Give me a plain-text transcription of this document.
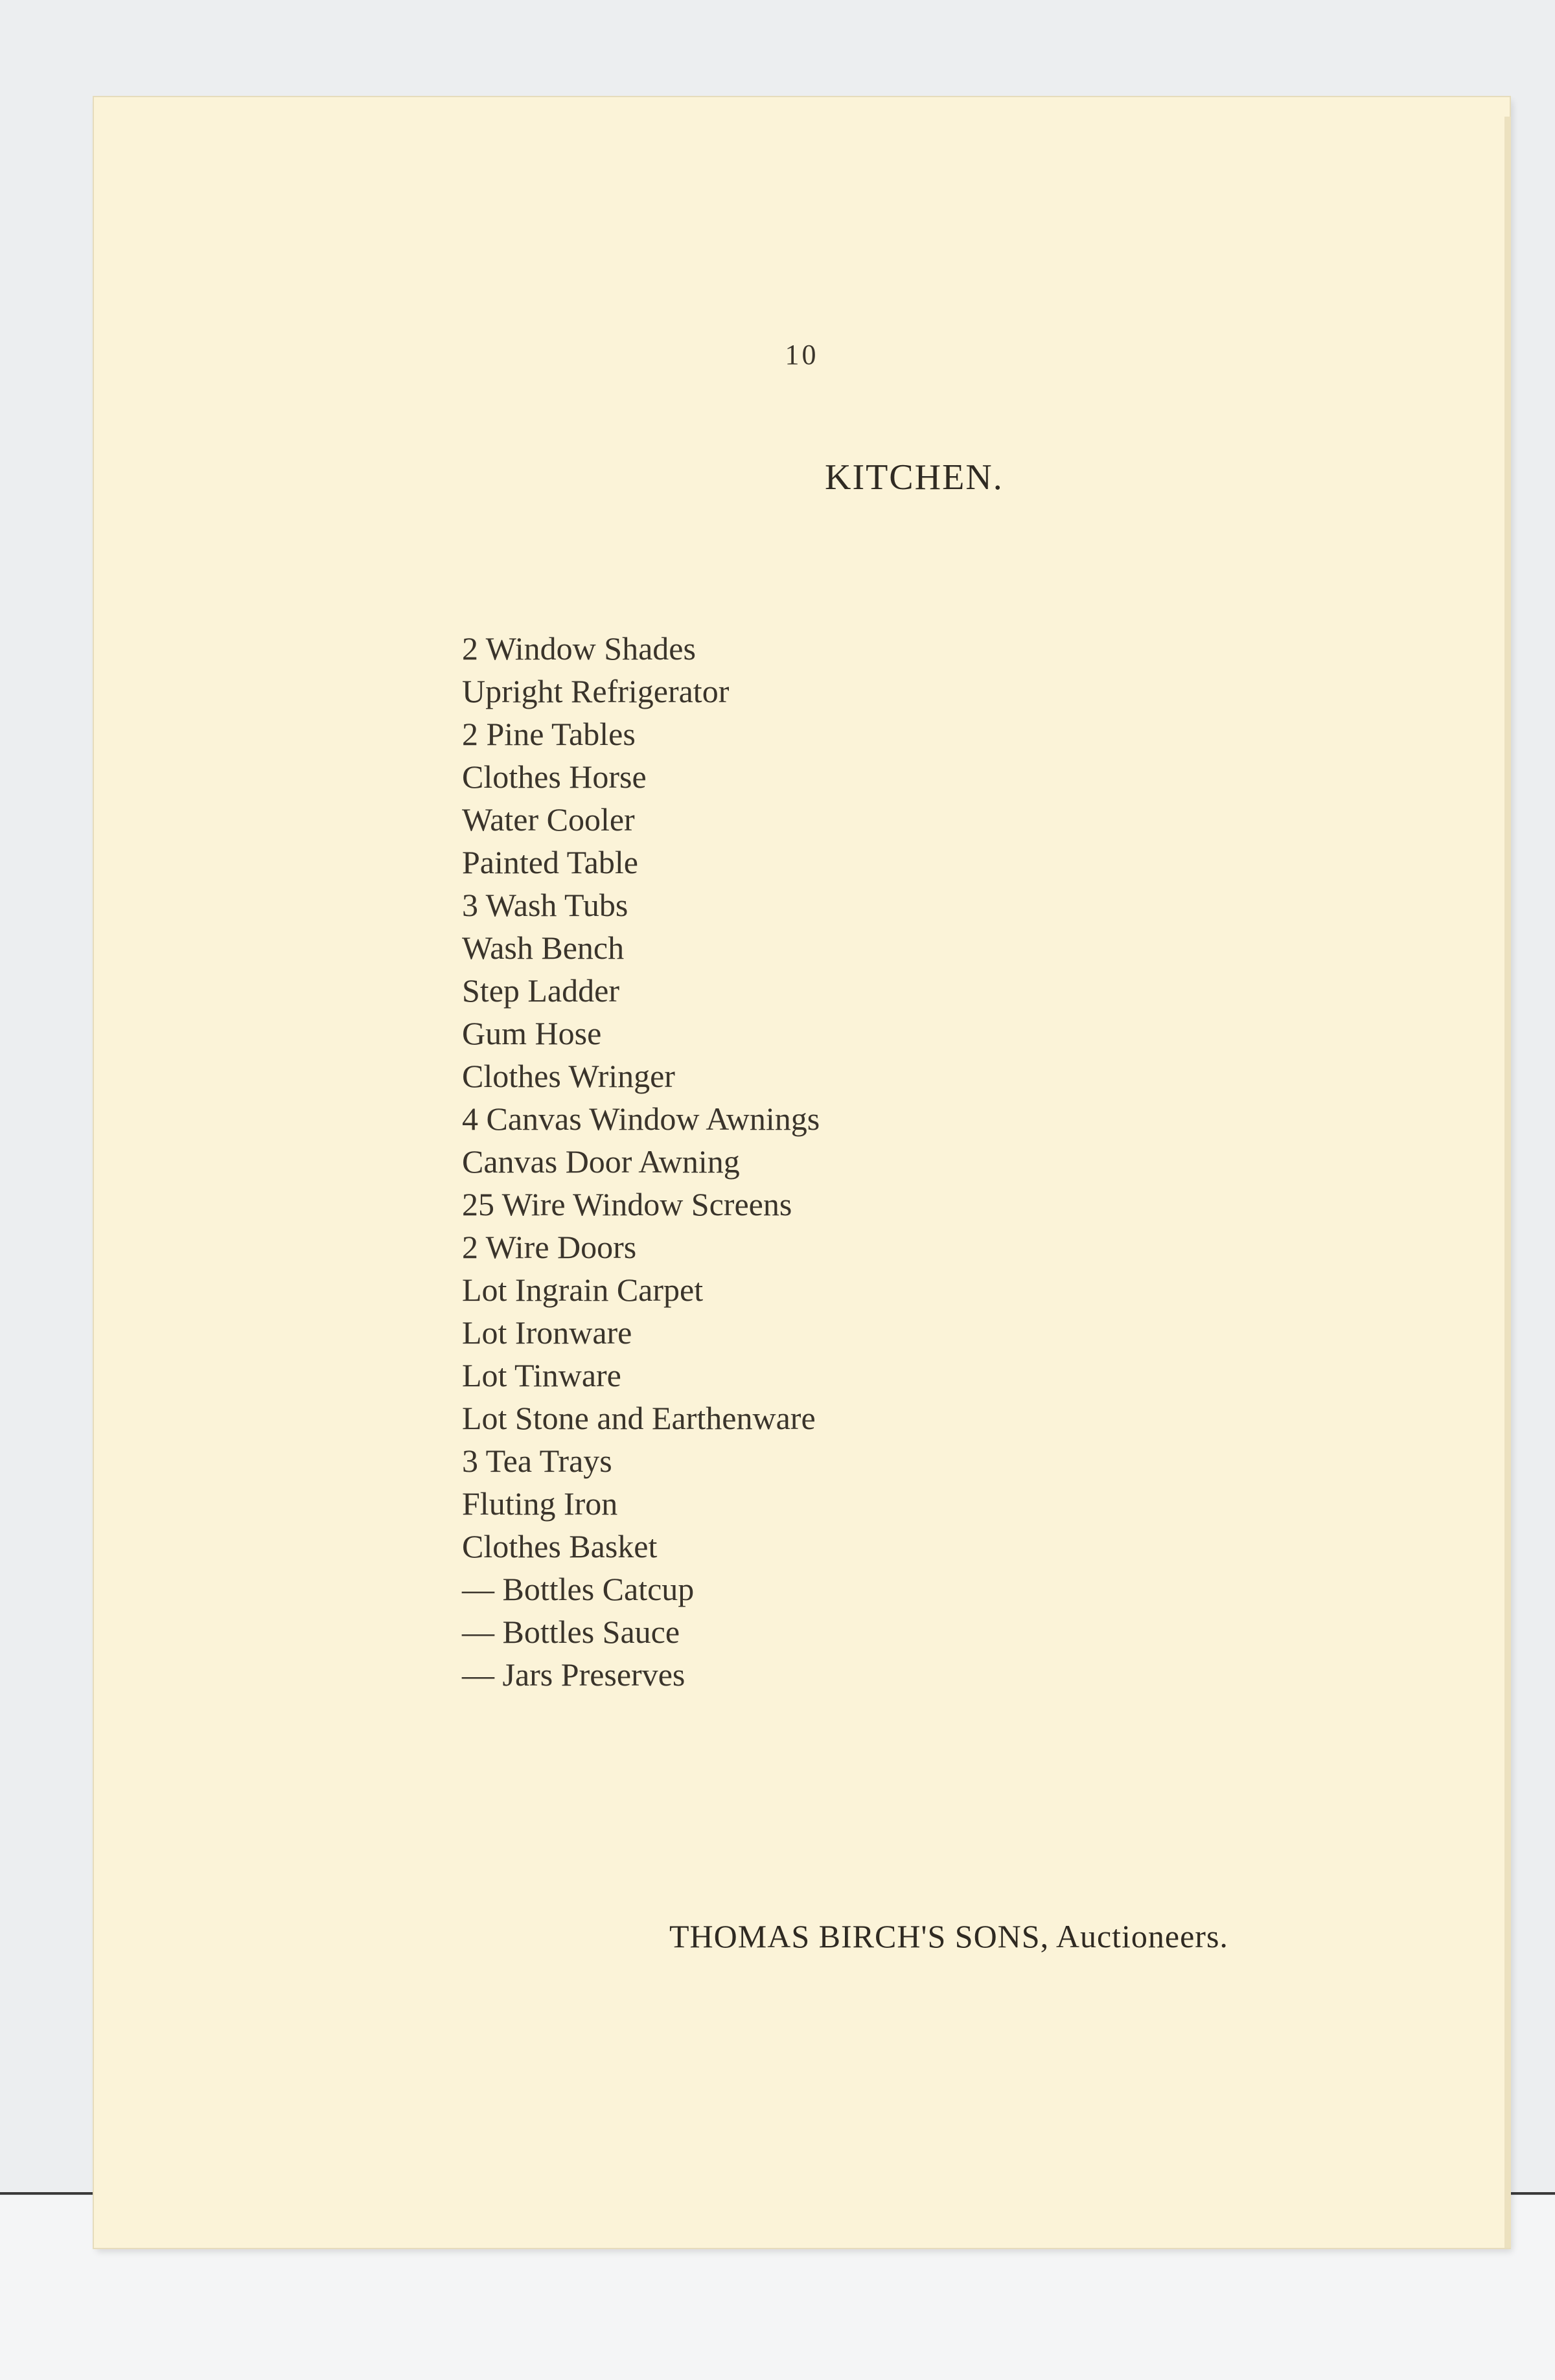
10
KITCHEN.
2 Window Shades
Upright Refrigerator
2 Pine Tables
Clothes Horse
Water Cooler
Painted Table
3 Wash Tubs
Wash Bench
Step Ladder
Gum Hose
Clothes Wringer
4 Canvas Window Awnings
Canvas Door Awning
25 Wire Window Screens
2 Wire Doors
Lot Ingrain Carpet
Lot Ironware
Lot Tinware
Lot Stone and Earthenware
3 Tea Trays
Fluting Iron
Clothes Basket
— Bottles Catcup
— Bottles Sauce
— Jars Preserves
THOMAS BIRCH'S SONS, Auctioneers.
